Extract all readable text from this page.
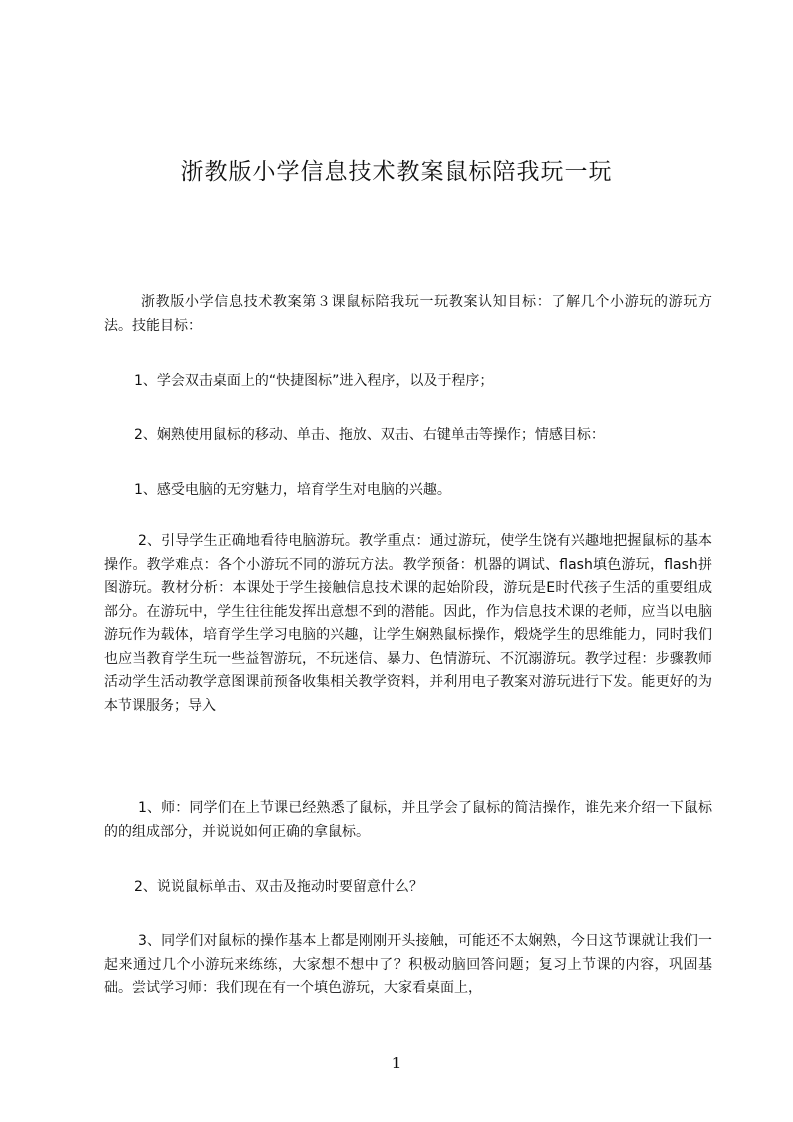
浙教版小学信息技术教案鼠标陪我玩一玩

浙教版小学信息技术教案第３课鼠标陪我玩一玩教案认知目标：了解几个小游玩的游玩方法。技能目标：

1、学会双击桌面上的“快捷图标”进入程序，以及于程序；

2、娴熟使用鼠标的移动、单击、拖放、双击、右键单击等操作；情感目标：

1、感受电脑的无穷魅力，培育学生对电脑的兴趣。

2、引导学生正确地看待电脑游玩。教学重点：通过游玩，使学生饶有兴趣地把握鼠标的基本操作。教学难点：各个小游玩不同的游玩方法。教学预备：机器的调试、flash填色游玩，flash拼图游玩。教材分析：本课处于学生接触信息技术课的起始阶段，游玩是E时代孩子生活的重要组成部分。在游玩中，学生往往能发挥出意想不到的潜能。因此，作为信息技术课的老师，应当以电脑游玩作为载体，培育学生学习电脑的兴趣，让学生娴熟鼠标操作，煅烧学生的思维能力，同时我们也应当教育学生玩一些益智游玩，不玩迷信、暴力、色情游玩、不沉溺游玩。教学过程：步骤教师活动学生活动教学意图课前预备收集相关教学资料，并利用电子教案对游玩进行下发。能更好的为本节课服务；导入

1、师：同学们在上节课已经熟悉了鼠标，并且学会了鼠标的简洁操作，谁先来介绍一下鼠标的的组成部分，并说说如何正确的拿鼠标。

2、说说鼠标单击、双击及拖动时要留意什么？

3、同学们对鼠标的操作基本上都是刚刚开头接触，可能还不太娴熟，今日这节课就让我们一起来通过几个小游玩来练练，大家想不想中了？积极动脑回答问题；复习上节课的内容，巩固基础。尝试学习师：我们现在有一个填色游玩，大家看桌面上，

1
